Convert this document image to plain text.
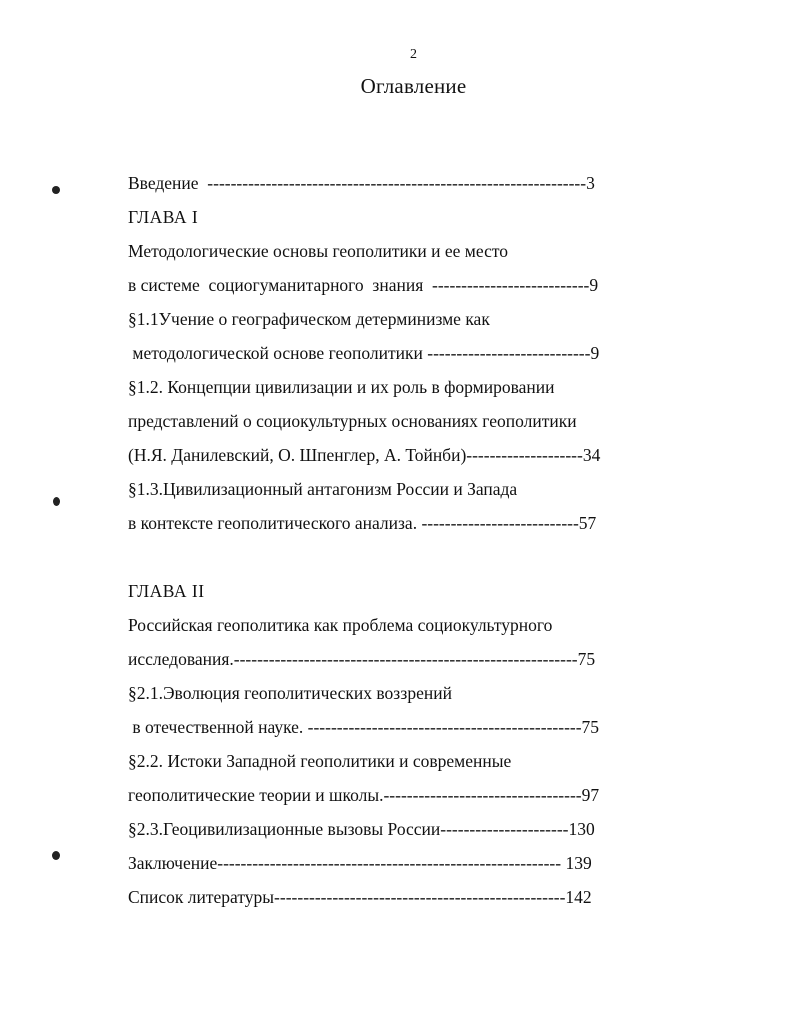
2
Оглавление
Введение  -----------------------------------------------------------------3
ГЛАВА I
Методологические основы геополитики и ее место
в системе  социогуманитарного  знания  ---------------------------9
§1.1Учение о географическом детерминизме как
методологической основе геополитики ----------------------------9
§1.2. Концепции цивилизации и их роль в формировании
представлений о социокультурных основаниях геополитики
(Н.Я. Данилевский, О. Шпенглер, А. Тойнби)--------------------34
§1.3.Цивилизационный антагонизм России и Запада
в контексте геополитического анализа. ---------------------------57
ГЛАВА II
Российская геополитика как проблема социокультурного
исследования.-----------------------------------------------------------75
§2.1.Эволюция геополитических воззрений
в отечественной науке. -----------------------------------------------75
§2.2. Истоки Западной геополитики и современные
геополитические теории и школы.----------------------------------97
§2.3.Геоцивилизационные вызовы России----------------------130
Заключение----------------------------------------------------------- 139
Список литературы--------------------------------------------------142
